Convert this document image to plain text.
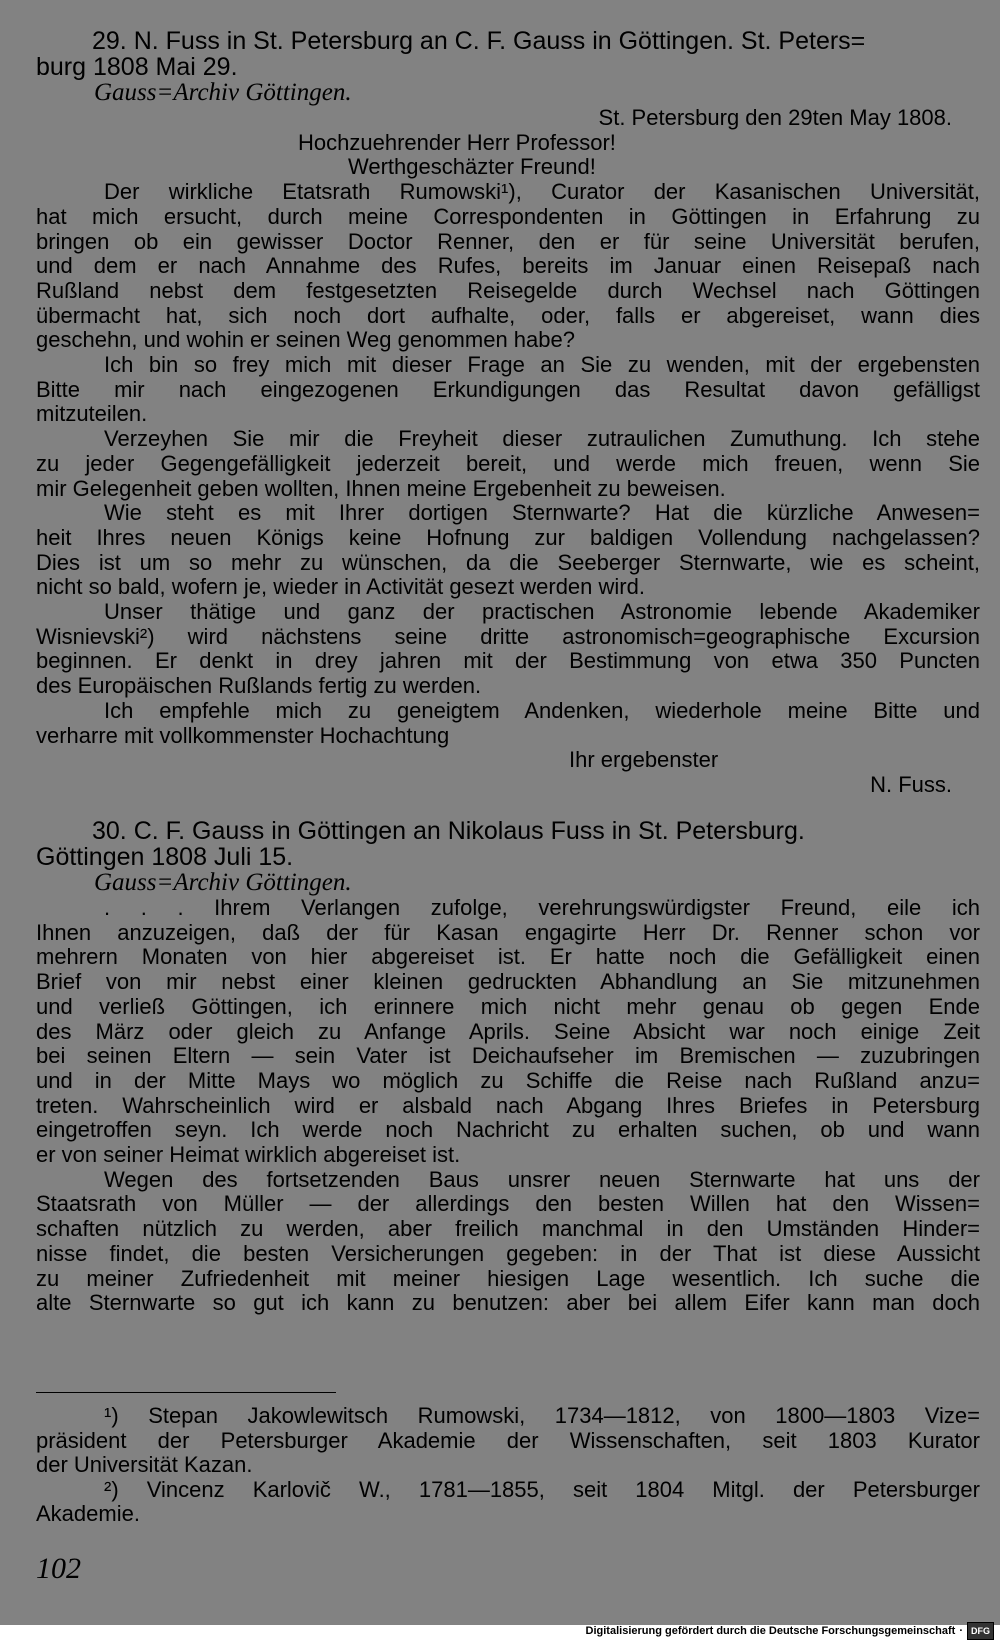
29. N. Fuss in St. Petersburg an C. F. Gauss in Göttingen. St. Peters=
burg 1808 Mai 29.
Gauss=Archiv Göttingen.
St. Petersburg den 29ten May 1808.
Hochzuehrender Herr Professor!
Werthgeschäzter Freund!
Der wirkliche Etatsrath Rumowski¹), Curator der Kasanischen Universität,
hat mich ersucht, durch meine Correspondenten in Göttingen in Erfahrung zu
bringen ob ein gewisser Doctor Renner, den er für seine Universität berufen,
und dem er nach Annahme des Rufes, bereits im Januar einen Reisepaß nach
Rußland nebst dem festgesetzten Reisegelde durch Wechsel nach Göttingen
übermacht hat, sich noch dort aufhalte, oder, falls er abgereiset, wann dies
geschehn, und wohin er seinen Weg genommen habe?
Ich bin so frey mich mit dieser Frage an Sie zu wenden, mit der ergebensten
Bitte mir nach eingezogenen Erkundigungen das Resultat davon gefälligst
mitzuteilen.
Verzeyhen Sie mir die Freyheit dieser zutraulichen Zumuthung. Ich stehe
zu jeder Gegengefälligkeit jederzeit bereit, und werde mich freuen, wenn Sie
mir Gelegenheit geben wollten, Ihnen meine Ergebenheit zu beweisen.
Wie steht es mit Ihrer dortigen Sternwarte? Hat die kürzliche Anwesen=
heit Ihres neuen Königs keine Hofnung zur baldigen Vollendung nachgelassen?
Dies ist um so mehr zu wünschen, da die Seeberger Sternwarte, wie es scheint,
nicht so bald, wofern je, wieder in Activität gesezt werden wird.
Unser thätige und ganz der practischen Astronomie lebende Akademiker
Wisnievski²) wird nächstens seine dritte astronomisch=geographische Excursion
beginnen. Er denkt in drey jahren mit der Bestimmung von etwa 350 Puncten
des Europäischen Rußlands fertig zu werden.
Ich empfehle mich zu geneigtem Andenken, wiederhole meine Bitte und
verharre mit vollkommenster Hochachtung
Ihr ergebenster
N. Fuss.
30. C. F. Gauss in Göttingen an Nikolaus Fuss in St. Petersburg.
Göttingen 1808 Juli 15.
Gauss=Archiv Göttingen.
. . . Ihrem Verlangen zufolge, verehrungswürdigster Freund, eile ich
Ihnen anzuzeigen, daß der für Kasan engagirte Herr Dr. Renner schon vor
mehrern Monaten von hier abgereiset ist. Er hatte noch die Gefälligkeit einen
Brief von mir nebst einer kleinen gedruckten Abhandlung an Sie mitzunehmen
und verließ Göttingen, ich erinnere mich nicht mehr genau ob gegen Ende
des März oder gleich zu Anfange Aprils. Seine Absicht war noch einige Zeit
bei seinen Eltern — sein Vater ist Deichaufseher im Bremischen — zuzubringen
und in der Mitte Mays wo möglich zu Schiffe die Reise nach Rußland anzu=
treten. Wahrscheinlich wird er alsbald nach Abgang Ihres Briefes in Petersburg
eingetroffen seyn. Ich werde noch Nachricht zu erhalten suchen, ob und wann
er von seiner Heimat wirklich abgereiset ist.
Wegen des fortsetzenden Baus unsrer neuen Sternwarte hat uns der
Staatsrath von Müller — der allerdings den besten Willen hat den Wissen=
schaften nützlich zu werden, aber freilich manchmal in den Umständen Hinder=
nisse findet, die besten Versicherungen gegeben: in der That ist diese Aussicht
zu meiner Zufriedenheit mit meiner hiesigen Lage wesentlich. Ich suche die
alte Sternwarte so gut ich kann zu benutzen: aber bei allem Eifer kann man doch
¹) Stepan Jakowlewitsch Rumowski, 1734—1812, von 1800—1803 Vize=
präsident der Petersburger Akademie der Wissenschaften, seit 1803 Kurator
der Universität Kazan.
²) Vincenz Karlovič W., 1781—1855, seit 1804 Mitgl. der Petersburger
Akademie.
102
Digitalisierung gefördert durch die Deutsche Forschungsgemeinschaft · DFG
